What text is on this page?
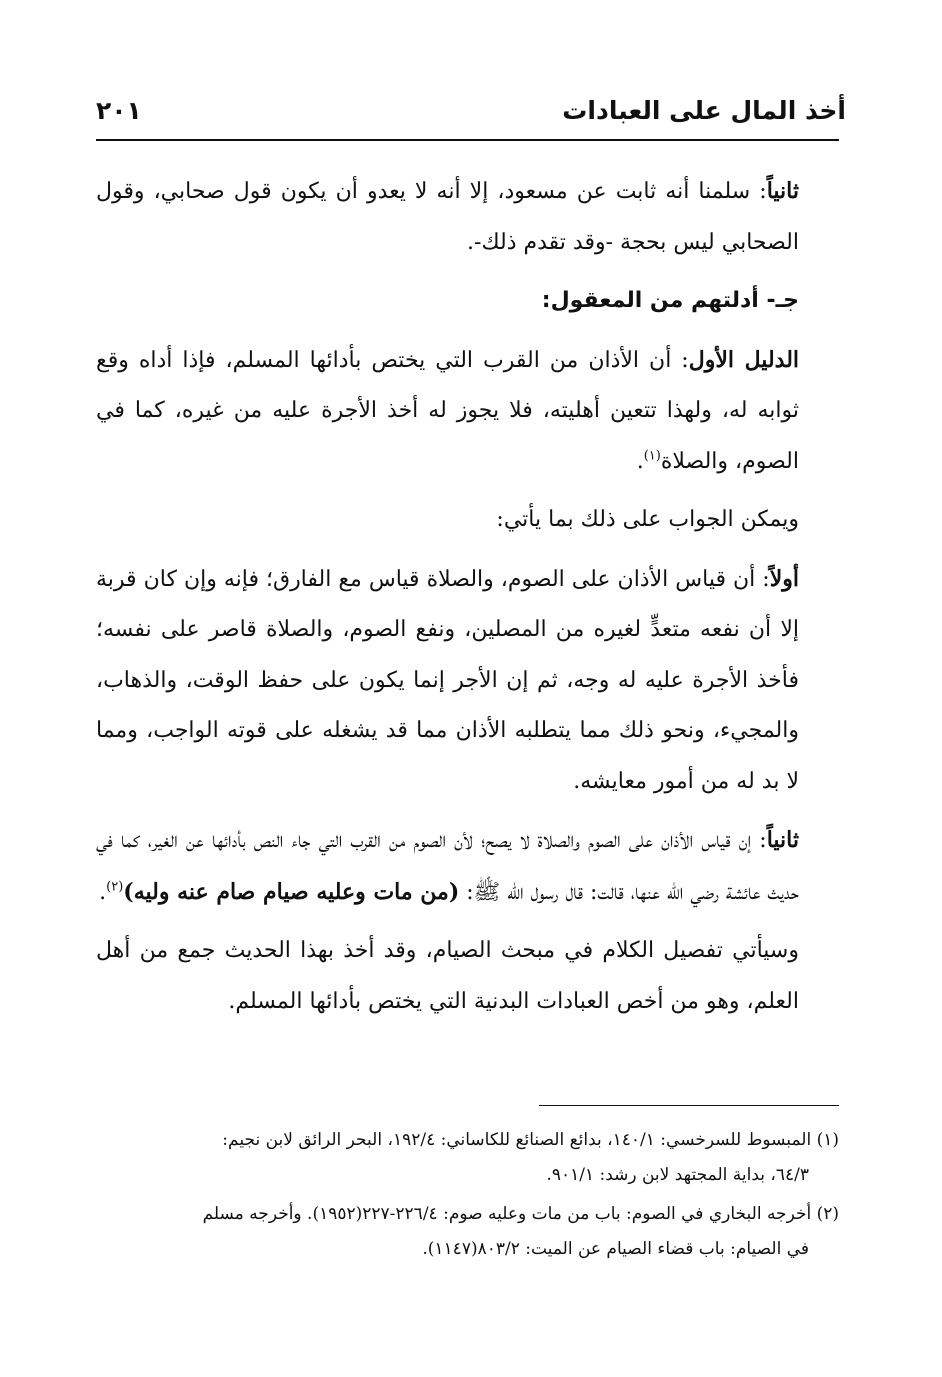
أخذ المال على العبادات
٢٠١

ثانياً: سلمنا أنه ثابت عن مسعود، إلا أنه لا يعدو أن يكون قول صحابي، وقول الصحابي ليس بحجة -وقد تقدم ذلك-.

جـ- أدلتهم من المعقول:

الدليل الأول: أن الأذان من القرب التي يختص بأدائها المسلم، فإذا أداه وقع ثوابه له، ولهذا تتعين أهليته، فلا يجوز له أخذ الأجرة عليه من غيره، كما في الصوم، والصلاة$^{(١)}$.

ويمكن الجواب على ذلك بما يأتي:

أولاً: أن قياس الأذان على الصوم، والصلاة قياس مع الفارق؛ فإنه وإن كان قربة إلا أن نفعه متعدٍّ لغيره من المصلين، ونفع الصوم، والصلاة قاصر على نفسه؛ فأخذ الأجرة عليه له وجه، ثم إن الأجر إنما يكون على حفظ الوقت، والذهاب، والمجيء، ونحو ذلك مما يتطلبه الأذان مما قد يشغله على قوته الواجب، ومما لا بد له من أمور معايشه.

ثانياً: إن قياس الأذان على الصوم والصلاة لا يصح؛ لأن الصوم من القرب التي جاء النص بأدائها عن الغير، كما في حديث عائشة رضي الله عنها، قالت: قال رسول الله ﷺ: (من مات وعليه صيام صام عنه وليه)$^{(٢)}$.

وسيأتي تفصيل الكلام في مبحث الصيام، وقد أخذ بهذا الحديث جمع من أهل العلم، وهو من أخص العبادات البدنية التي يختص بأدائها المسلم.

(١) المبسوط للسرخسي: ١٤٠/١، بدائع الصنائع للكاساني: ١٩٢/٤، البحر الرائق لابن نجيم:
٦٤/٣، بداية المجتهد لابن رشد: ٩٠١/١.

(٢) أخرجه البخاري في الصوم: باب من مات وعليه صوم: ٢٢٦/٤-٢٢٧(١٩٥٢). وأخرجه مسلم
في الصيام: باب قضاء الصيام عن الميت: ٨٠٣/٢(١١٤٧).
